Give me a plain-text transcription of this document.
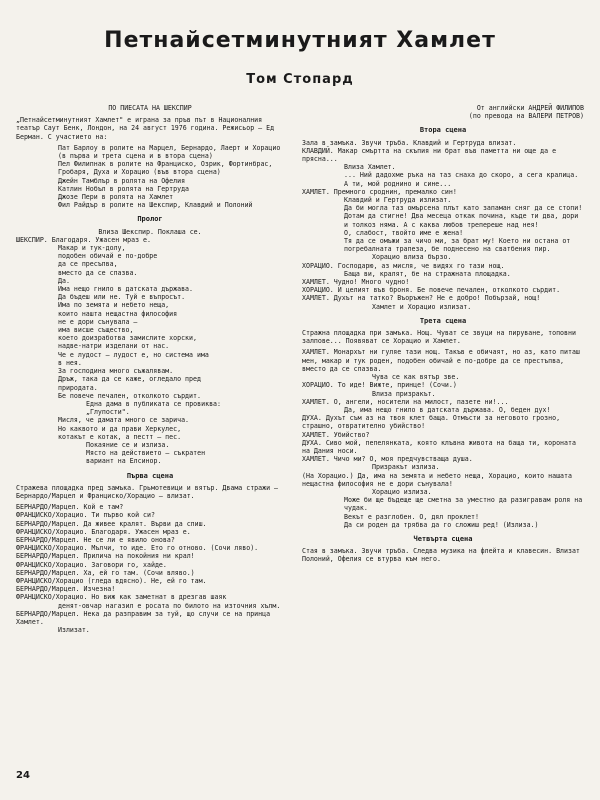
Петнайсетминутният Хамлет
Том Стопард

ПО ПИЕСАТА НА ШЕКСПИР

„Петнайсетминутният Хамлет" е играна за пръв път в Националния театър Саут Бенк, Лондон, на 24 август 1976 година. Режисьор — Ед Берман. С участието на:

Пат Барлоу в ролите на Марцел, Бернардо, Лаерт и Хорацио (в първа и трета сцена и в втора сцена)

Пел Филипнак в ролите на Франциско, Озрик, Фортинбрас, Гробаря, Духа и Хорацио (във втора сцена)

Джейн Тамблър в ролята на Офелия

Катлин Нобъл в ролята на Гертруда

Джозе Пери в ролята на Хамлет

Фил Райдър в ролите на Шекспир, Клавдий и Полоний

Пролог

Влиза Шекспир. Поклаша се.

ШЕКСПИР. Благодаря. Ужасен мраз е.

Макар и тук-долу,

подобен обичай е по-добре

да се пресъпва,

вместо да се спазва.

Да.

Има нещо гнило в датската държава.

Да бъдеш или не. Туй е въпросът.

Има по земята и небето неща,

които нашта нещастна философия

не е дори сънувала —

има висше същество,

което доизработва замислите хорски,

надве-натри изделани от нас.

Че е лудост — лудост е, но система има

в нея.

За господина много съжалявам.

Дръж, така да се каже, огледало пред

природата.

Бе повече печален, отколкото сърдит.

Една дама в публиката се провиква:

„Глупости".

Мисля, че дамата много се зарича.

Но каквото и да прави Херкулес,

котакът е котак, а пестт — пес.

Покаяние се и излиза.

Място на действието — съкратен

вариант на Елсинор.

Първа сцена

Стражева площадка пред замъка. Грьмотевици и вятър. Двама стражи — Бернардо/Марцел и Франциско/Хорацио — влизат.

БЕРНАРДО/Марцел. Кой е там?

ФРАНЦИСКО/Хорацио. Ти първо кой си?

БЕРНАРДО/Марцел. Да живее кралят. Върви да спиш.

ФРАНЦИСКО/Хорацио. Благодаря. Ужасен мраз е.

БЕРНАРДО/Марцел. Не се ли е явило онова?

ФРАНЦИСКО/Хорацио. Мълчи, то иде. Ето го отново. (Сочи ляво).

БЕРНАРДО/Марцел. Прилича на покойния ни крал!

ФРАНЦИСКО/Хорацио. Заговори го, хайде.

БЕРНАРДО/Марцел. Ха, ей го там. (Сочи вляво.)

ФРАНЦИСКО/Хорацио (гледа вдясно). Не, ей го там.

БЕРНАРДО/Марцел. Изчезна!

ФРАНЦИСКО/Хорацио. Но виж как заметнат в дрезгав шаяк

денят-овчар нагазил е росата по билото на източния хълм.

БЕРНАРДО/Марцел. Нека да разправим за туй, що случи се на принца Хамлет.

Излизат.

От английски АНДРЕЙ ФИЛИПОВ

(по превода на ВАЛЕРИ ПЕТРОВ)

Втора сцена

Зала в замъка. Звучи тръба. Клавдий и Гертруда влизат.

КЛАВДИЙ. Макар смъртта на скъпия ни брат във паметта ни още да е прясна...

Влиза Хамлет.

... Ний дадохме ръка на таз снаха до скоро, а сега кралица. А ти, мой роднино и сине...

ХАМЛЕТ. Премного сроднин, премалко син!

Клавдий и Гертруда излизат.

Да би могла таз омърсена плът катo запаман сняг да се стопи!

Дотам да стигне! Два месеца откак почина, къде ти два, дори и толкоз няма. А с каква любов трепереше над нея!

О, слабост, твойто име е жена!

Тя да се омъжи за чичо ми, за брат му! Което ни остана от погребалната трапеза, бе поднесено на сватбения пир.

Хорацио влиза бързо.

ХОРАЦИО. Господарю, аз мисля, че видях го тази нощ.

Баща ви, кралят, бе на стражната площадка.

ХАМЛЕТ. Чудно! Много чудно!

ХОРАЦИО. И целият във броня. Бе повече печален, отколкото сърдит.

ХАМЛЕТ. Духът на татко? Въоръжен? Не е добро! Побързай, нощ!

Хамлет и Хорацио излизат.

Трета сцена

Стражна площадка при замъка. Нощ. Чуват се звуци на пируване, топовни залпове... Появяват се Хорацио и Хамлет.

ХАМЛЕТ. Монархът ни гуляе тази нощ. Такъв е обичаят, но аз, като питаш мен, макар и тук роден, подобен обичай е по-добре да се престъпва, вместо да се спазва.

Чува се как вятър зве.

ХОРАЦИО. То иде! Вижте, принце! (Сочи.)

Влиза призракът.

ХАМЛЕТ. О, ангели, носители на милост, пазете ни!...

Да, има нещо гнило в датската държава. О, беден дух!

ДУХА. Духът съм аз на твоя клет баща. Отмъсти за неговото грозно, страшно, отвратително убийство!

ХАМЛЕТ. Убийство?

ДУХА. Сиво мой, пепелянката, която клъвна живота на баща ти, короната на Дания носи.

ХАМЛЕТ. Чичо ми? О, моя предчувстваща душа.

Призракът излиза.

(На Хорацио.) Да, има на земята и небето неща, Хорацио, които нашата нещастна философия не е дори сънувала!

Хорацио излиза.

Може би ще бъдеще ще сметна за уместно да разигравам роля на чудак.

Векът е разглобен. О, дял проклет!

Да си роден да трябва да го сложиш ред! (Излиза.)

Четвърта сцена

Стая в замъка. Звучи тръба. Следва музика на флейта и клавесин. Влизат Полоний, Офелия се втурва към него.

24
